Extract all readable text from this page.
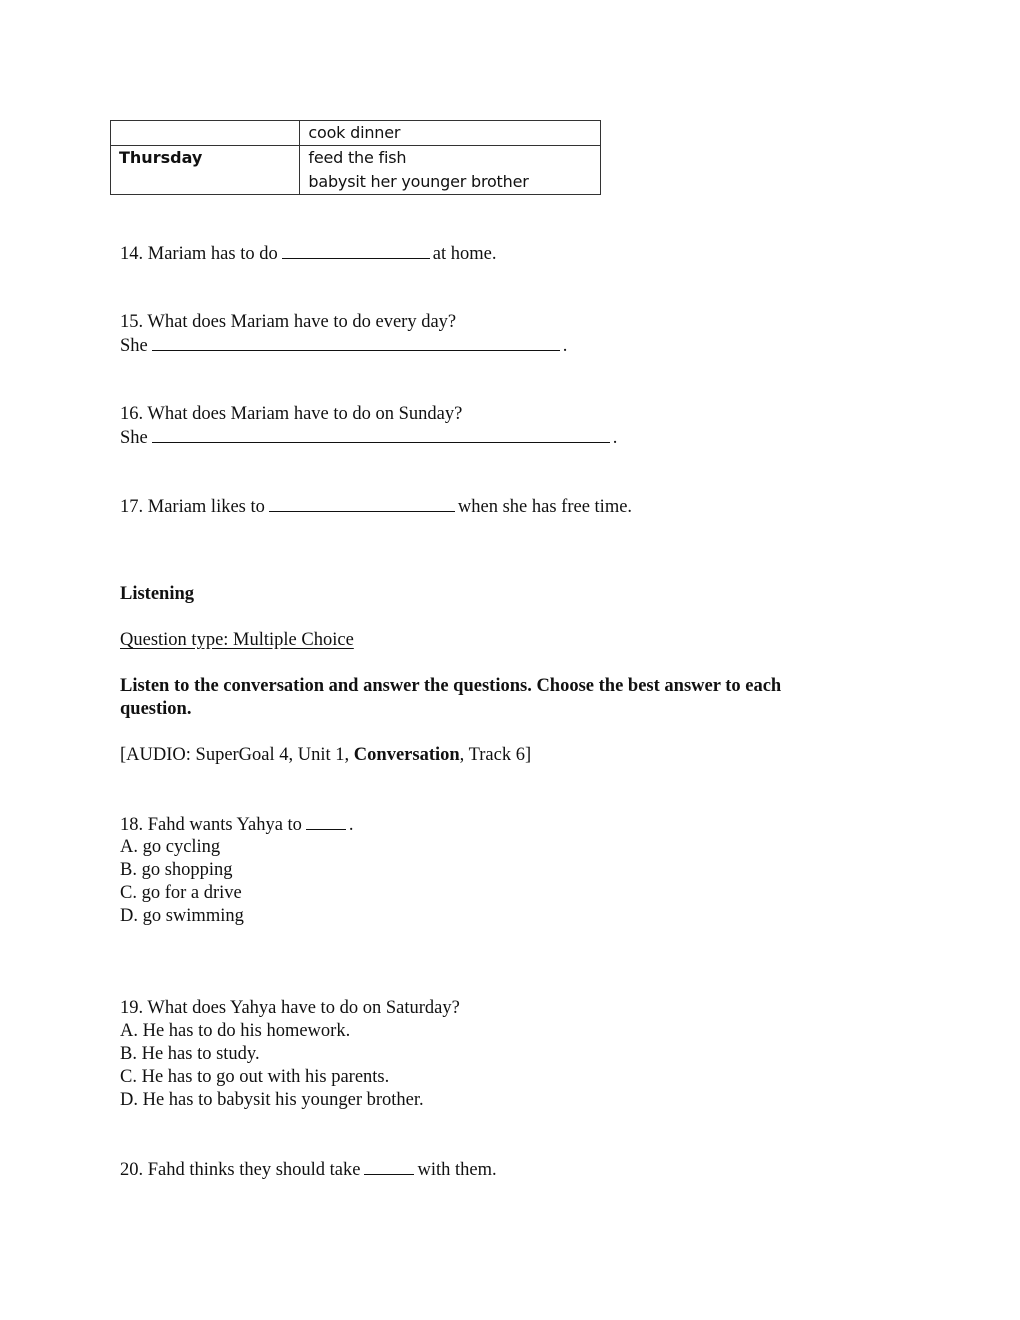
	cook dinner

Thursday	feed the fish
babysit her younger brother
14. Mariam has to do	at home.
15. What does Mariam have to do every day?
She	.
16. What does Mariam have to do on Sunday?
She	.
17. Mariam likes to	when she has free time.
Listening
Question type: Multiple Choice
Listen to the conversation and answer the questions. Choose the best answer to each question.
[AUDIO: SuperGoal 4, Unit 1, Conversation, Track 6]
18. Fahd wants Yahya to	.
A. go cycling
B. go shopping
C. go for a drive
D. go swimming
19. What does Yahya have to do on Saturday?
A. He has to do his homework.
B. He has to study.
C. He has to go out with his parents.
D. He has to babysit his younger brother.
20. Fahd thinks they should take	with them.
